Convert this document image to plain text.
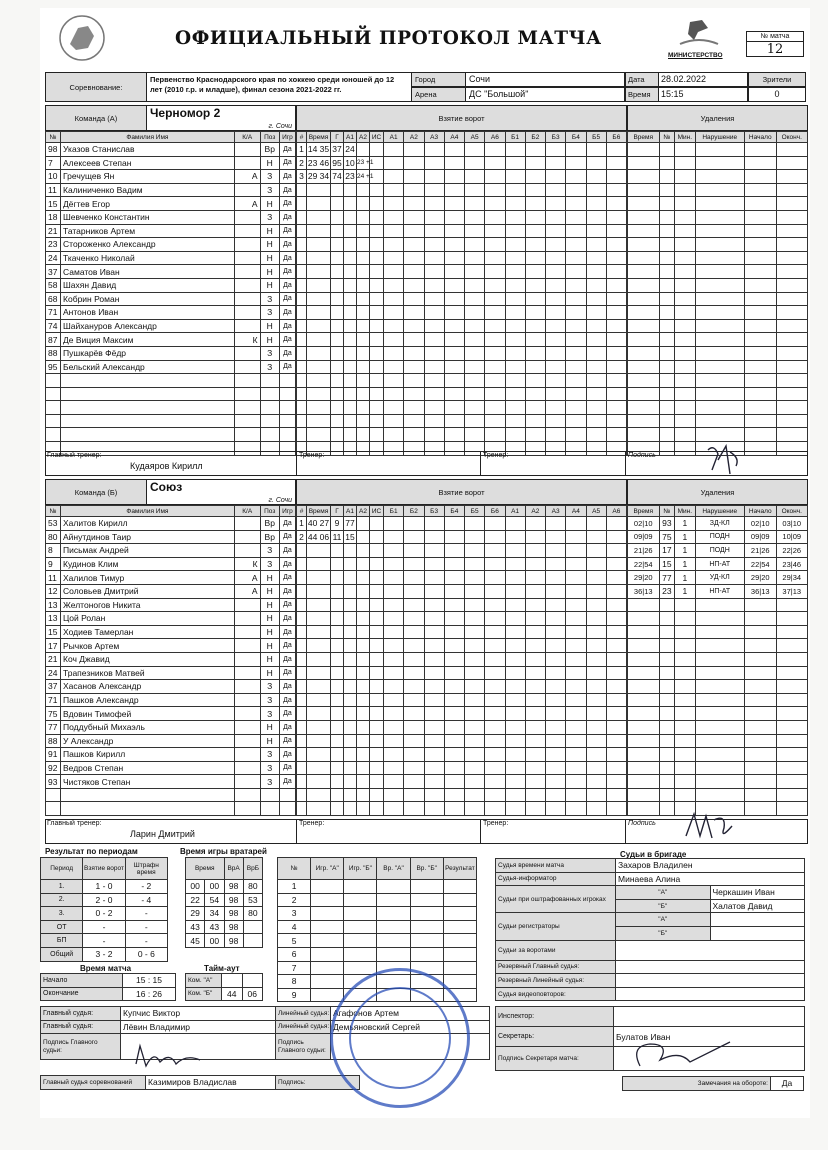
МИНИСТЕРСТВО
ОФИЦИАЛЬНЫЙ ПРОТОКОЛ МАТЧА	№ матча
12
Соревнование:
Первенство Краснодарского края по хоккею среди юношей до 12 лет (2010 г.р. и младше), финал сезона 2021-2022 гг.
Город	Сочи
Арена	ДС "Большой"
Дата	28.02.2022
Время	15:15
Зрители
0
Команда (А)	Черномор 2
г. Сочи
Взятие ворот	Удаления
№	Фамилия Имя	К/А	Поз	Игр
98	Указов Станислав		Вр	Да
7	Алексеев Степан		Н	Да
10	Гречущев Ян	А	З	Да
11	Калиниченко Вадим		З	Да
15	Дёгтев Егор	А	Н	Да
18	Шевченко Константин		З	Да
21	Татарников Артем		Н	Да
23	Стороженко Александр		Н	Да
24	Ткаченко Николай		Н	Да
37	Саматов Иван		Н	Да
58	Шахян Давид		Н	Да
68	Кобрин Роман		З	Да
71	Антонов Иван		З	Да
74	Шайхануров Александр		Н	Да
87	Де Виция Максим	К	Н	Да
88	Пушкарёв Фёдр		З	Да
95	Бельский Александр		З	Да

#	Время	Г	А1	А2	ИС	А1	А2	А3	А4	А5	А6	Б1	Б2	Б3	Б4	Б5	Б6
1	14 35	37	24														
2	23 46	95	10	23 +1													
3	29 34	74	23	24 +1													

Время	№	Мин.	Нарушение	Начало	Оконч.

Главный тренер:
Кудаяров Кирилл
Тренер:	Тренер:	Подпись
Команда (Б)	Союз
г. Сочи
Взятие ворот	Удаления
№	Фамилия Имя	К/А	Поз	Игр
53	Халитов Кирилл		Вр	Да
80	Айнутдинов Таир		Вр	Да
8	Письмак Андрей		З	Да
9	Кудинов Клим	К	З	Да
11	Халилов Тимур	А	Н	Да
12	Соловьев Дмитрий	А	Н	Да
13	Желтоногов Никита		Н	Да
13	Цой Ролан		Н	Да
15	Ходиев Тамерлан		Н	Да
17	Рычков Артем		Н	Да
21	Коч Джавид		Н	Да
24	Трапезников Матвей		Н	Да
37	Хасанов Александр		З	Да
71	Пашков Александр		З	Да
75	Вдовин Тимофей		З	Да
77	Поддубный Михаэль		Н	Да
88	У Александр		Н	Да
91	Пашков Кирилл		З	Да
92	Ведров Степан		З	Да
93	Чистяков Степан		З	Да

#	Время	Г	А1	А2	ИС	Б1	Б2	Б3	Б4	Б5	Б6	А1	А2	А3	А4	А5	А6
1	40 27	9	77														
2	44 06	11	15														

Время	№	Мин.	Нарушение	Начало	Оконч.
02|10	93	1	ЗД-КЛ	02|10	03|10
09|09	75	1	ПОДН	09|09	10|09
21|26	17	1	ПОДН	21|26	22|26
22|54	15	1	НП-АТ	22|54	23|46
29|20	77	1	УД-КЛ	29|20	29|34
36|13	23	1	НП-АТ	36|13	37|13

Главный тренер:
Ларин Дмитрий
Тренер:	Тренер:	Подпись
Результат по периодам
Период	Взятие ворот	Штрафн время
1.	1 - 0	- 2
2.	2 - 0	- 4
3.	0 - 2	-
ОТ	-	-
БП	-	-
Общий	3 - 2	0 - 6
Время игры вратарей
Время		ВрА	ВрБ
00	00	98	80
22	54	98	53
29	34	98	80
43	43	98	
45	00	98	
№	Игр. "А"	Игр. "Б"	Вр. "А"	Вр. "Б"	Результат
1					
2					
3					
4					
5					
6					
7					
8					
9					
Время матча
Начало	15 : 15
Окончание	16 : 26
Тайм-аут
Ком. "А"		
Ком. "Б"	44	06
Судьи в бригаде
Судья времени матча	Захаров Владилен	
Судья-информатор	Минаева Алина	
Судьи при оштрафованных игроках	"А"	Черкашин Иван
	"Б"	Халатов Давид
Судьи регистраторы	"А"	
	"Б"	
Судьи за воротами		
Резервный Главный судья:		
Резервный Линейный судья:		
Судья видеоповторов:		
Главный судья:	Купчис Виктор	Линейный судья:	Агафонов Артем
Главный судья:	Лёвин Владимир	Линейный судья:	Демьяновский Сергей
Подпись Главного судьи:		Подпись Главного судьи:	
Инспектор:	
Секретарь:	Булатов Иван
Подпись Секретаря матча:	
Главный судья соревнований	Казимиров Владислав	Подпись:	Замечания на обороте:	Да
